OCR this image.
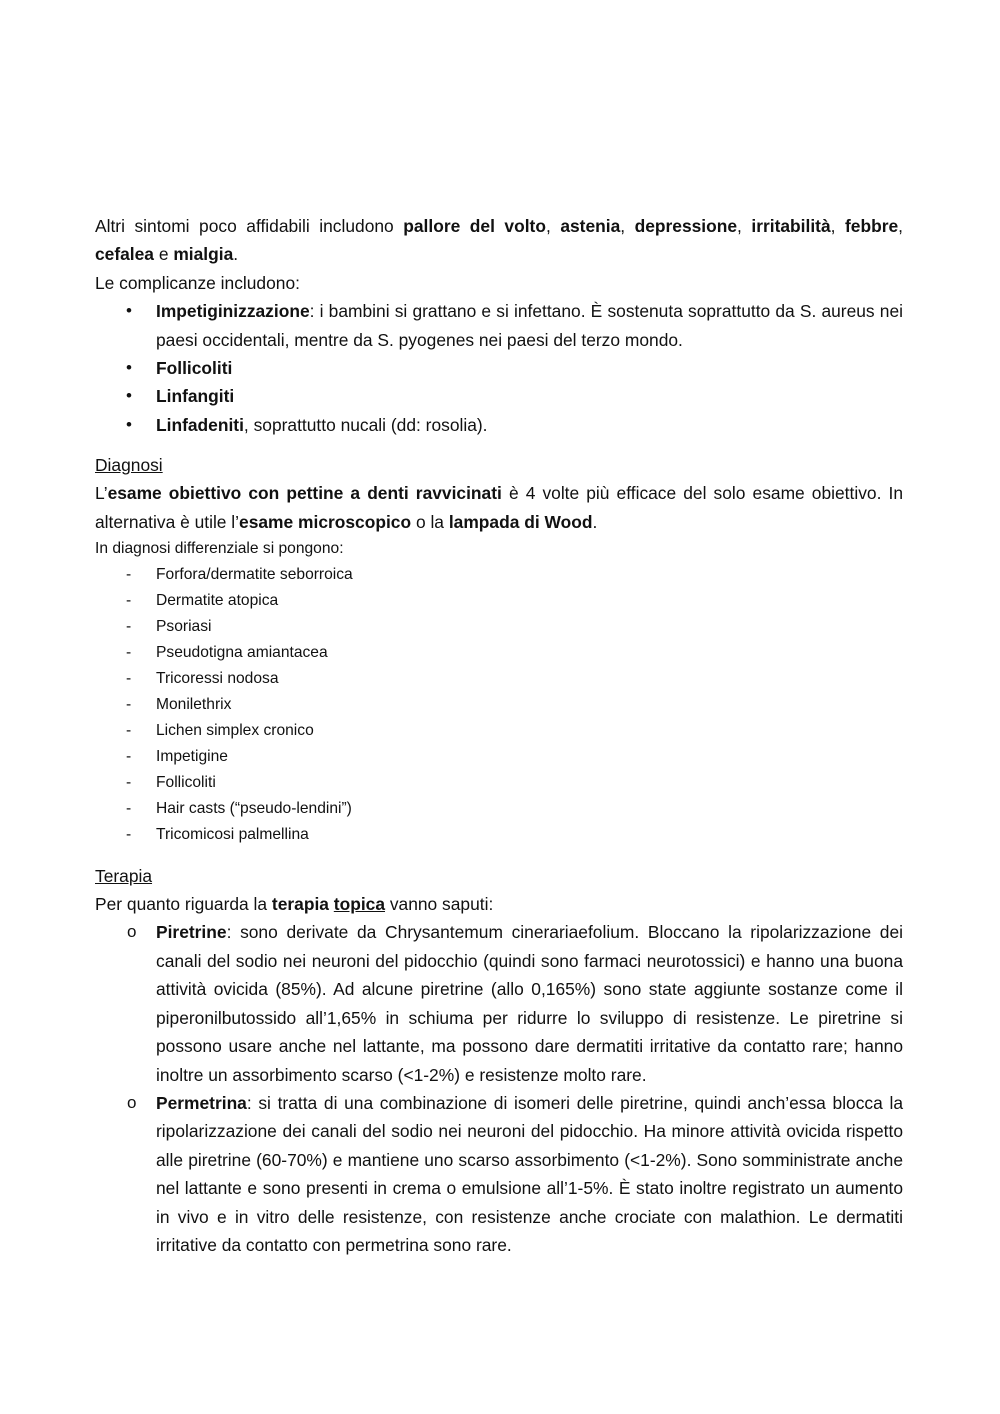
Altri sintomi poco affidabili includono pallore del volto, astenia, depressione, irritabilità, febbre, cefalea e mialgia.

Le complicanze includono:

• Impetiginizzazione: i bambini si grattano e si infettano. È sostenuta soprattutto da S. aureus nei paesi occidentali, mentre da S. pyogenes nei paesi del terzo mondo.
• Follicoliti
• Linfangiti
• Linfadeniti, soprattutto nucali (dd: rosolia).

Diagnosi

L’esame obiettivo con pettine a denti ravvicinati è 4 volte più efficace del solo esame obiettivo. In alternativa è utile l’esame microscopico o la lampada di Wood.

In diagnosi differenziale si pongono:

- Forfora/dermatite seborroica
- Dermatite atopica
- Psoriasi
- Pseudotigna amiantacea
- Tricoressi nodosa
- Monilethrix
- Lichen simplex cronico
- Impetigine
- Follicoliti
- Hair casts (“pseudo-lendini”)
- Tricomicosi palmellina

Terapia

Per quanto riguarda la terapia topica vanno saputi:

o Piretrine: sono derivate da Chrysantemum cinerariaefolium. Bloccano la ripolarizzazione dei canali del sodio nei neuroni del pidocchio (quindi sono farmaci neurotossici) e hanno una buona attività ovicida (85%). Ad alcune piretrine (allo 0,165%) sono state aggiunte sostanze come il piperonilbutossido all’1,65% in schiuma per ridurre lo sviluppo di resistenze. Le piretrine si possono usare anche nel lattante, ma possono dare dermatiti irritative da contatto rare; hanno inoltre un assorbimento scarso (<1-2%) e resistenze molto rare.
o Permetrina: si tratta di una combinazione di isomeri delle piretrine, quindi anch’essa blocca la ripolarizzazione dei canali del sodio nei neuroni del pidocchio. Ha minore attività ovicida rispetto alle piretrine (60-70%) e mantiene uno scarso assorbimento (<1-2%). Sono somministrate anche nel lattante e sono presenti in crema o emulsione all’1-5%. È stato inoltre registrato un aumento in vivo e in vitro delle resistenze, con resistenze anche crociate con malathion. Le dermatiti irritative da contatto con permetrina sono rare.
